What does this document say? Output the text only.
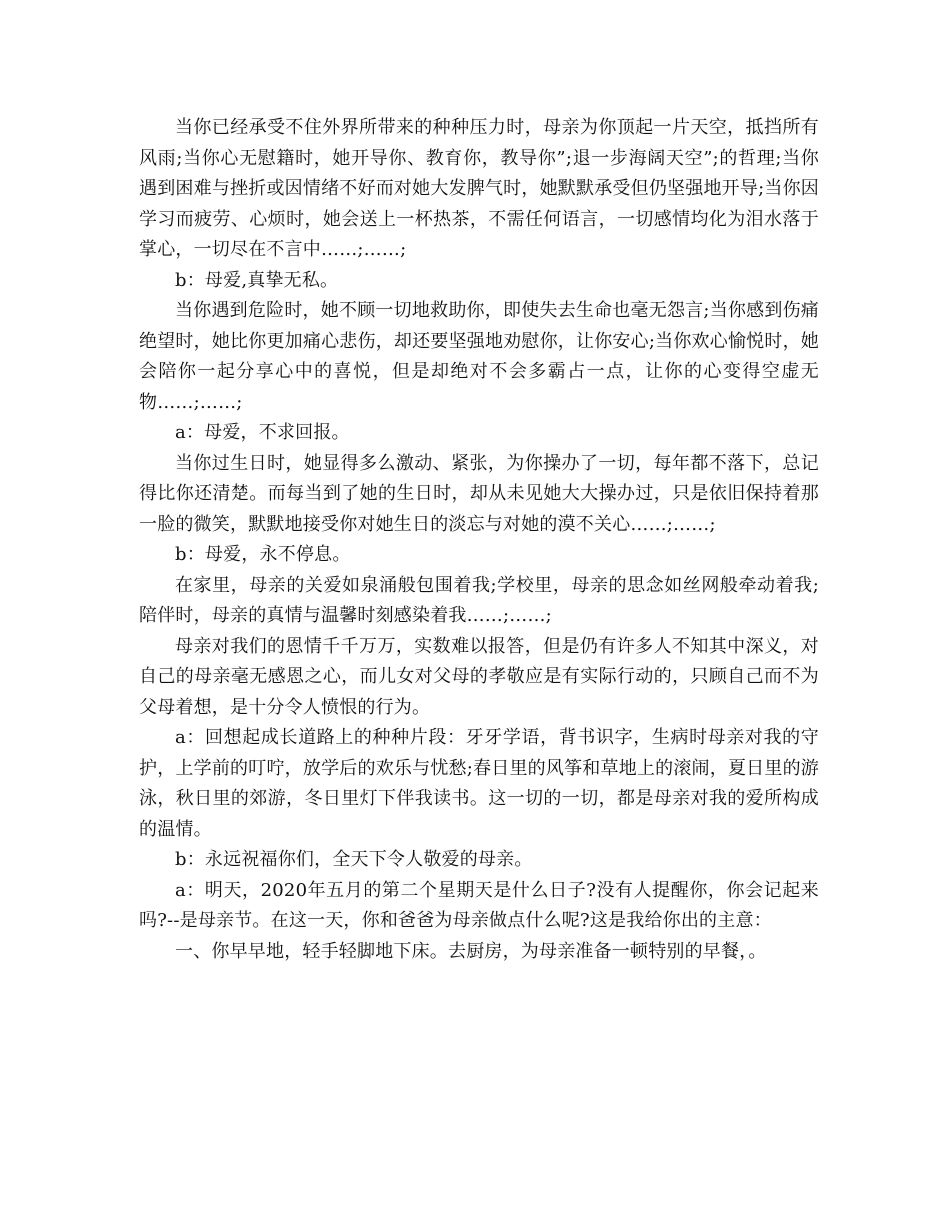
当你已经承受不住外界所带来的种种压力时，母亲为你顶起一片天空，抵挡所有风雨;当你心无慰籍时，她开导你、教育你，教导你”;退一步海阔天空”;的哲理;当你遇到困难与挫折或因情绪不好而对她大发脾气时，她默默承受但仍坚强地开导;当你因学习而疲劳、心烦时，她会送上一杯热茶，不需任何语言，一切感情均化为泪水落于掌心，一切尽在不言中……;……;

b：母爱,真挚无私。

当你遇到危险时，她不顾一切地救助你，即使失去生命也毫无怨言;当你感到伤痛绝望时，她比你更加痛心悲伤，却还要坚强地劝慰你，让你安心;当你欢心愉悦时，她会陪你一起分享心中的喜悦，但是却绝对不会多霸占一点，让你的心变得空虚无物……;……;

a：母爱，不求回报。

当你过生日时，她显得多么激动、紧张，为你操办了一切，每年都不落下，总记得比你还清楚。而每当到了她的生日时，却从未见她大大操办过，只是依旧保持着那一脸的微笑，默默地接受你对她生日的淡忘与对她的漠不关心……;……;

b：母爱，永不停息。

在家里，母亲的关爱如泉涌般包围着我;学校里，母亲的思念如丝网般牵动着我;陪伴时，母亲的真情与温馨时刻感染着我……;……;

母亲对我们的恩情千千万万，实数难以报答，但是仍有许多人不知其中深义，对自己的母亲毫无感恩之心，而儿女对父母的孝敬应是有实际行动的，只顾自己而不为父母着想，是十分令人愤恨的行为。

a：回想起成长道路上的种种片段：牙牙学语，背书识字，生病时母亲对我的守护，上学前的叮咛，放学后的欢乐与忧愁;春日里的风筝和草地上的滚闹，夏日里的游泳，秋日里的郊游，冬日里灯下伴我读书。这一切的一切，都是母亲对我的爱所构成的温情。

b：永远祝福你们，全天下令人敬爱的母亲。

a：明天，2020年五月的第二个星期天是什么日子?没有人提醒你，你会记起来吗?--是母亲节。在这一天，你和爸爸为母亲做点什么呢?这是我给你出的主意：

一、你早早地，轻手轻脚地下床。去厨房，为母亲准备一顿特别的早餐，。
